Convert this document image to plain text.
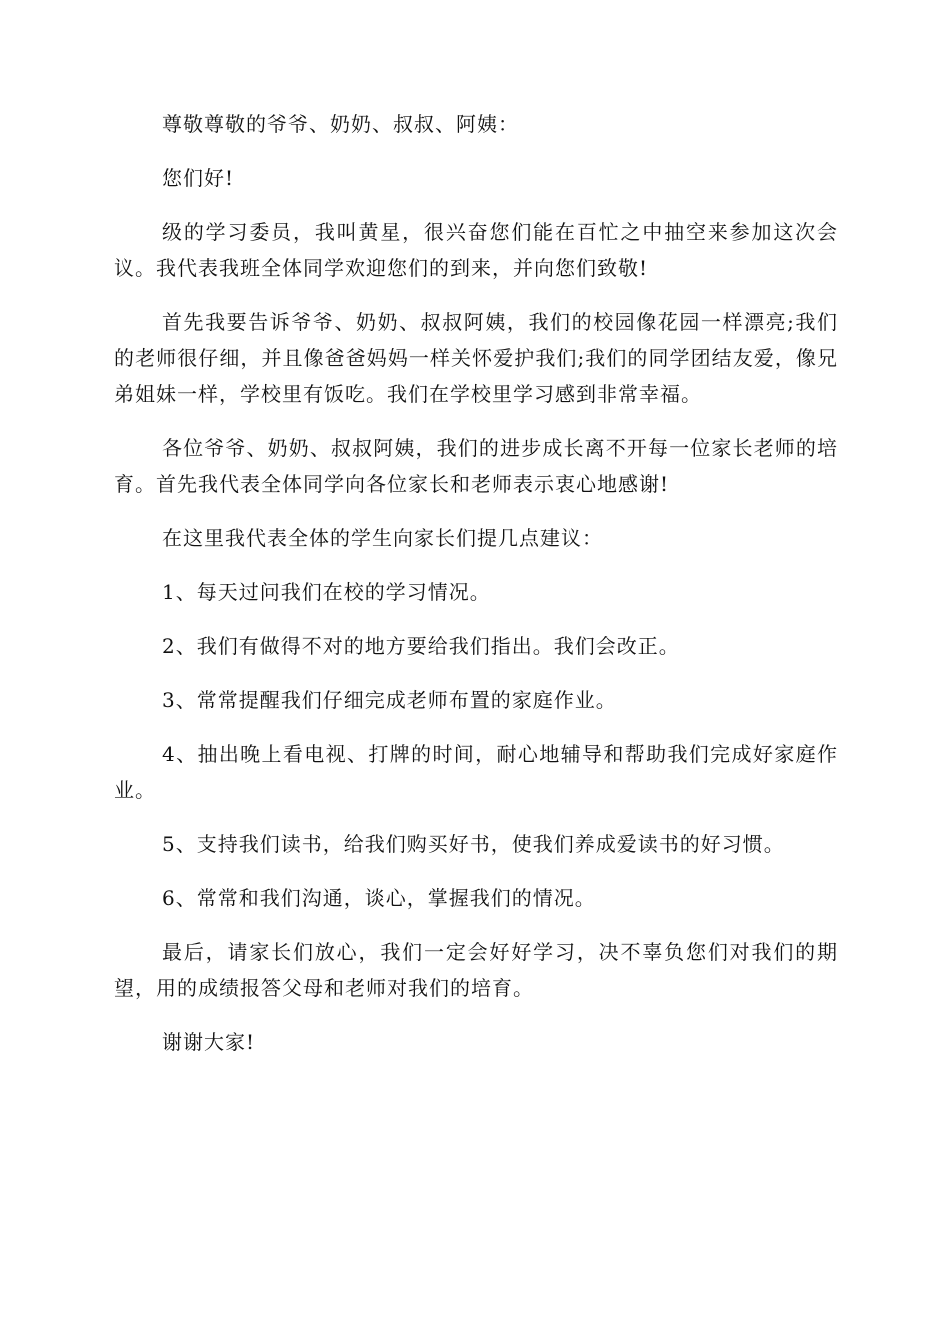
尊敬尊敬的爷爷、奶奶、叔叔、阿姨：

您们好!

级的学习委员，我叫黄星，很兴奋您们能在百忙之中抽空来参加这次会议。我代表我班全体同学欢迎您们的到来，并向您们致敬!

首先我要告诉爷爷、奶奶、叔叔阿姨，我们的校园像花园一样漂亮;我们的老师很仔细，并且像爸爸妈妈一样关怀爱护我们;我们的同学团结友爱，像兄弟姐妹一样，学校里有饭吃。我们在学校里学习感到非常幸福。

各位爷爷、奶奶、叔叔阿姨，我们的进步成长离不开每一位家长老师的培育。首先我代表全体同学向各位家长和老师表示衷心地感谢!

在这里我代表全体的学生向家长们提几点建议：

1、每天过问我们在校的学习情况。

2、我们有做得不对的地方要给我们指出。我们会改正。

3、常常提醒我们仔细完成老师布置的家庭作业。

4、抽出晚上看电视、打牌的时间，耐心地辅导和帮助我们完成好家庭作业。

5、支持我们读书，给我们购买好书，使我们养成爱读书的好习惯。

6、常常和我们沟通，谈心，掌握我们的情况。

最后，请家长们放心，我们一定会好好学习，决不辜负您们对我们的期望，用的成绩报答父母和老师对我们的培育。

谢谢大家!
